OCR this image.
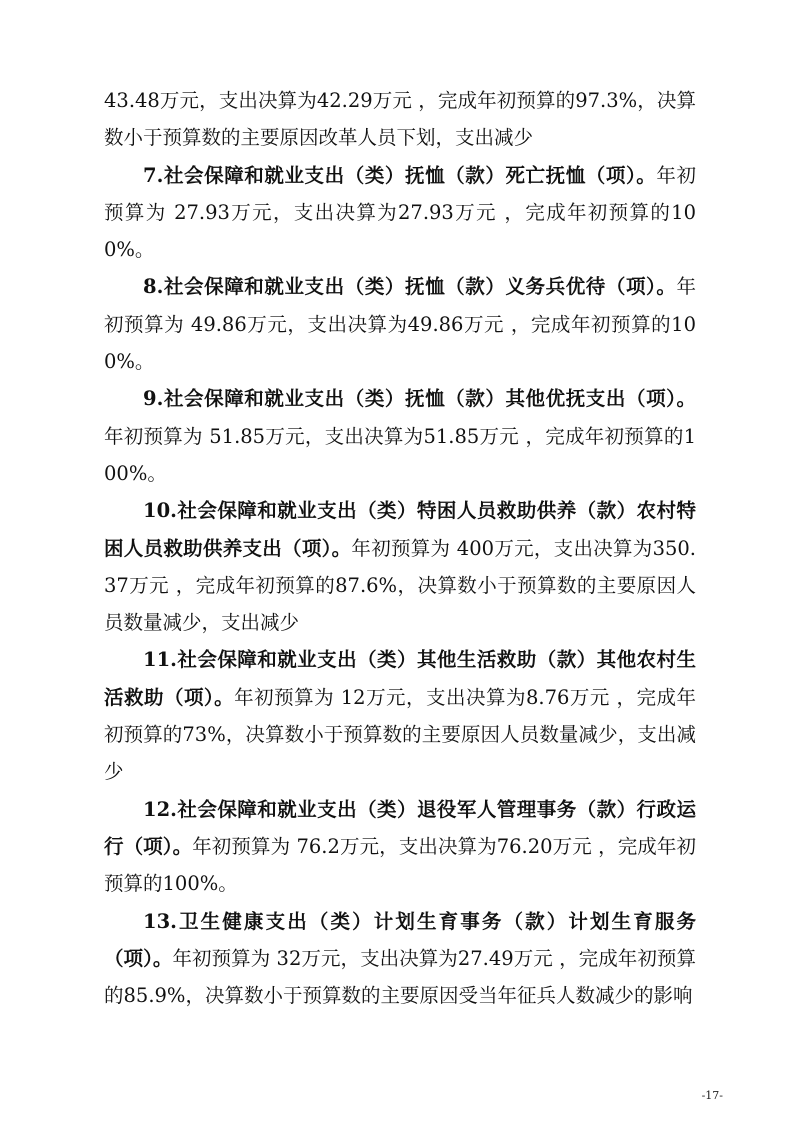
43.48万元，支出决算为42.29万元 ，完成年初预算的97.3%，决算数小于预算数的主要原因改革人员下划，支出减少

7.社会保障和就业支出（类）抚恤（款）死亡抚恤（项）。年初预算为 27.93万元，支出决算为27.93万元 ，完成年初预算的100%。

8.社会保障和就业支出（类）抚恤（款）义务兵优待（项）。年初预算为 49.86万元，支出决算为49.86万元 ，完成年初预算的100%。

9.社会保障和就业支出（类）抚恤（款）其他优抚支出（项）。年初预算为 51.85万元，支出决算为51.85万元 ，完成年初预算的100%。

10.社会保障和就业支出（类）特困人员救助供养（款）农村特困人员救助供养支出（项）。年初预算为 400万元，支出决算为350.37万元 ，完成年初预算的87.6%，决算数小于预算数的主要原因人员数量减少，支出减少

11.社会保障和就业支出（类）其他生活救助（款）其他农村生活救助（项）。年初预算为 12万元，支出决算为8.76万元 ，完成年初预算的73%，决算数小于预算数的主要原因人员数量减少，支出减少

12.社会保障和就业支出（类）退役军人管理事务（款）行政运行（项）。年初预算为 76.2万元，支出决算为76.20万元 ，完成年初预算的100%。

13.卫生健康支出（类）计划生育事务（款）计划生育服务（项）。年初预算为 32万元，支出决算为27.49万元 ，完成年初预算的85.9%，决算数小于预算数的主要原因受当年征兵人数减少的影响

-17-
